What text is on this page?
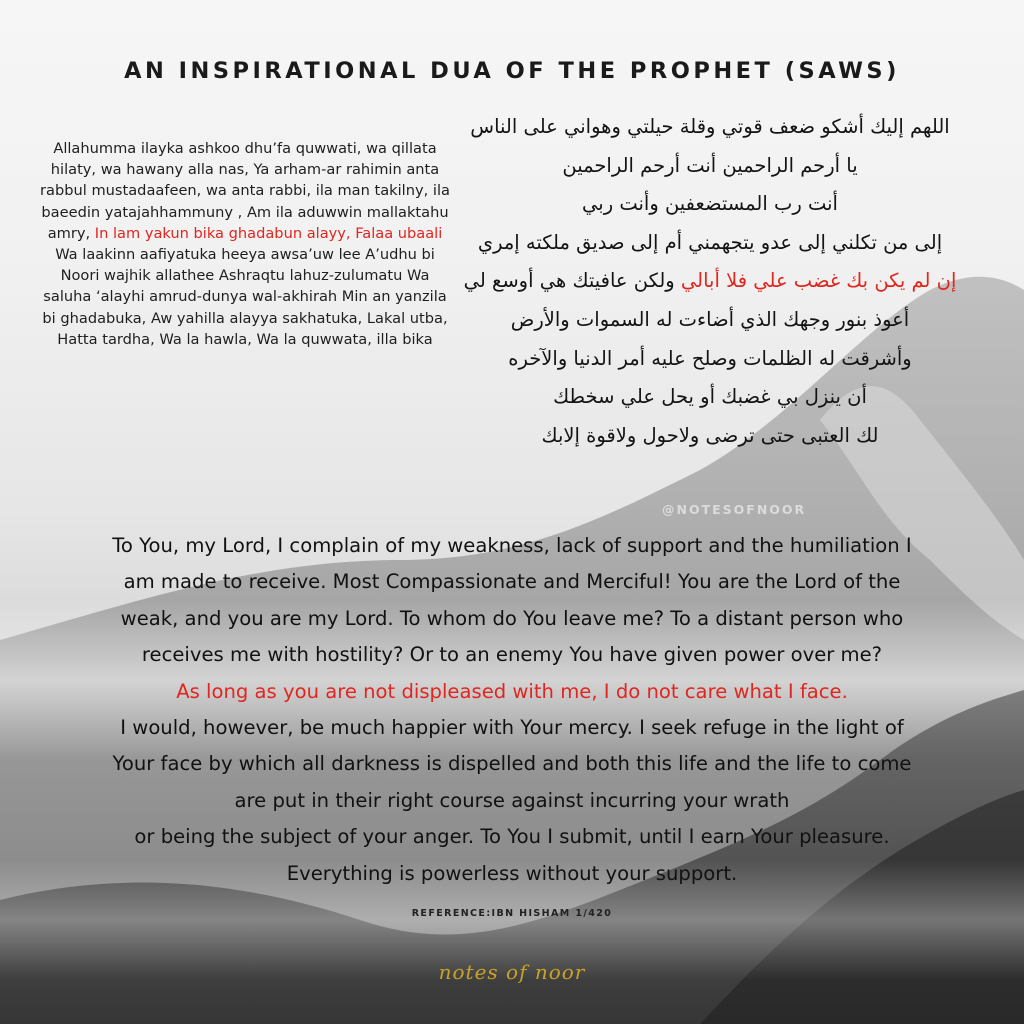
AN INSPIRATIONAL DUA OF THE PROPHET (SAWS)
Allahumma ilayka ashkoo dhu’fa quwwati, wa qillata hilaty, wa hawany alla nas, Ya arham-ar rahimin anta rabbul mustadaafeen, wa anta rabbi, ila man takilny, ila baeedin yatajahhammuny , Am ila aduwwin mallaktahu amry, In lam yakun bika ghadabun alayy, Falaa ubaali Wa laakinn aafiyatuka heeya awsa’uw lee A’udhu bi Noori wajhik allathee Ashraqtu lahuz-zulumatu Wa saluha ‘alayhi amrud-dunya wal-akhirah Min an yanzila bi ghadabuka, Aw yahilla alayya sakhatuka, Lakal utba, Hatta tardha, Wa la hawla, Wa la quwwata, illa bika
اللهم إليك أشكو ضعف قوتي وقلة حيلتي وهواني على الناس
يا أرحم الراحمين أنت أرحم الراحمين
أنت رب المستضعفين وأنت ربي
إلى من تكلني إلى عدو يتجهمني أم إلى صديق ملكته إمري
إن لم يكن بك غضب علي فلا أبالي ولكن عافيتك هي أوسع لي
أعوذ بنور وجهك الذي أضاءت له السموات والأرض
وأشرقت له الظلمات وصلح عليه أمر الدنيا والآخره
أن ينزل بي غضبك أو يحل علي سخطك
لك العتبى حتى ترضى ولاحول ولاقوة إلابك
@NOTESOFNOOR
To You, my Lord, I complain of my weakness, lack of support and the humiliation I
am made to receive. Most Compassionate and Merciful! You are the Lord of the
weak, and you are my Lord. To whom do You leave me? To a distant person who
receives me with hostility? Or to an enemy You have given power over me?
As long as you are not displeased with me, I do not care what I face.
I would, however, be much happier with Your mercy. I seek refuge in the light of
Your face by which all darkness is dispelled and both this life and the life to come
are put in their right course against incurring your wrath
or being the subject of your anger. To You I submit, until I earn Your pleasure.
Everything is powerless without your support.
REFERENCE:IBN HISHAM 1/420
notes of noor
